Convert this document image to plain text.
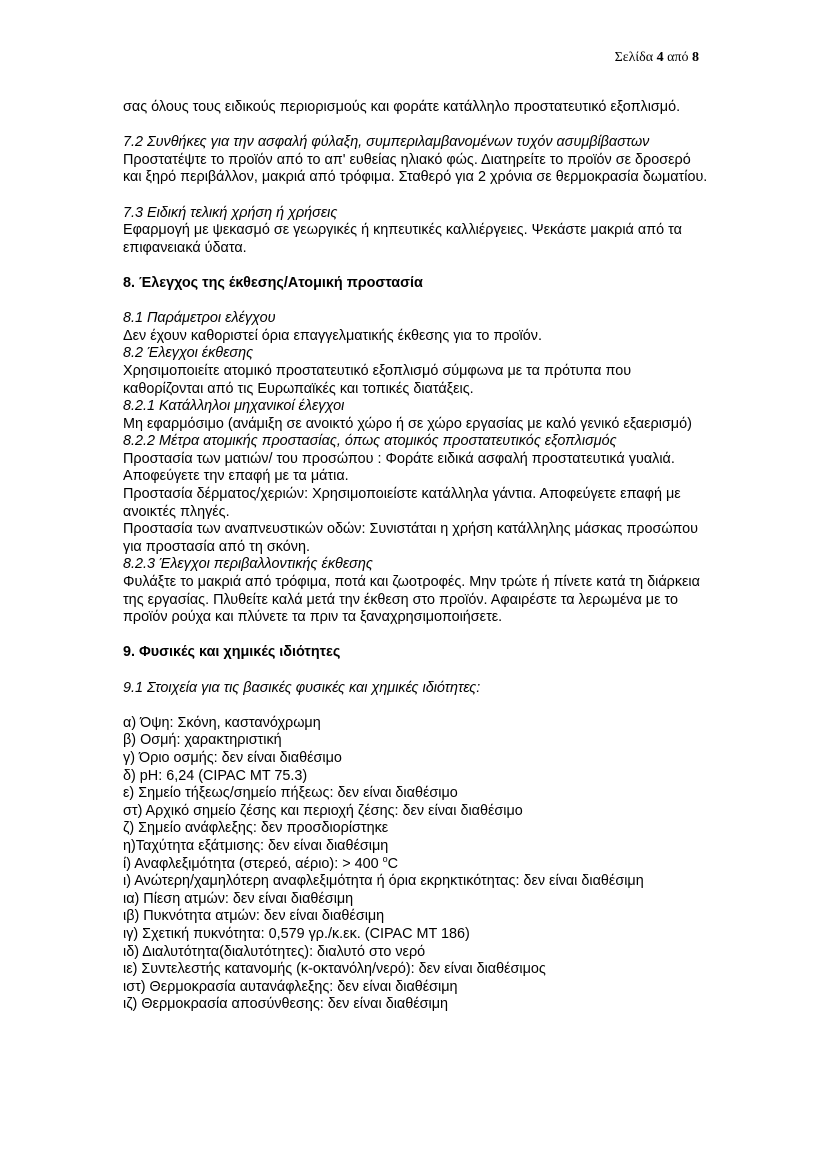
Σελίδα 4 από 8

σας όλους τους ειδικούς περιορισμούς και φοράτε κατάλληλο προστατευτικό εξοπλισμό.

7.2 Συνθήκες για την ασφαλή φύλαξη, συμπεριλαμβανομένων τυχόν ασυμβίβαστων

Προστατέψτε το προϊόν από το απ' ευθείας ηλιακό φώς. Διατηρείτε το προϊόν σε δροσερό και ξηρό περιβάλλον, μακριά από τρόφιμα. Σταθερό για 2 χρόνια σε θερμοκρασία δωματίου.

7.3 Ειδική τελική χρήση ή χρήσεις

Εφαρμογή με ψεκασμό σε γεωργικές ή κηπευτικές καλλιέργειες. Ψεκάστε μακριά από τα επιφανειακά ύδατα.

8. Έλεγχος της έκθεσης/Ατομική προστασία

8.1 Παράμετροι ελέγχου

Δεν έχουν καθοριστεί όρια επαγγελματικής έκθεσης για το προϊόν.

8.2 Έλεγχοι έκθεσης

Χρησιμοποιείτε ατομικό προστατευτικό εξοπλισμό σύμφωνα με τα πρότυπα που καθορίζονται από τις Ευρωπαϊκές και τοπικές διατάξεις.

8.2.1 Κατάλληλοι μηχανικοί έλεγχοι

Μη εφαρμόσιμο (ανάμιξη σε ανοικτό χώρο ή σε χώρο εργασίας με καλό γενικό εξαερισμό)

8.2.2 Μέτρα ατομικής προστασίας, όπως ατομικός προστατευτικός εξοπλισμός

Προστασία των ματιών/ του προσώπου : Φοράτε ειδικά ασφαλή προστατευτικά γυαλιά. Αποφεύγετε την επαφή με τα μάτια.

Προστασία δέρματος/χεριών: Χρησιμοποιείστε κατάλληλα γάντια. Αποφεύγετε επαφή με ανοικτές πληγές.

Προστασία των αναπνευστικών οδών: Συνιστάται η χρήση κατάλληλης μάσκας προσώπου για προστασία από τη σκόνη.

8.2.3 Έλεγχοι περιβαλλοντικής έκθεσης

Φυλάξτε το μακριά από τρόφιμα, ποτά και ζωοτροφές. Μην τρώτε ή πίνετε κατά τη διάρκεια της εργασίας. Πλυθείτε καλά μετά την έκθεση στο προϊόν. Αφαιρέστε τα λερωμένα με το προϊόν ρούχα και πλύνετε τα πριν τα ξαναχρησιμοποιήσετε.

9. Φυσικές και χημικές ιδιότητες

9.1 Στοιχεία για τις βασικές φυσικές και χημικές ιδιότητες:

α) Όψη: Σκόνη, καστανόχρωμη

β) Οσμή: χαρακτηριστική

γ) Όριο οσμής: δεν είναι διαθέσιμο

δ) pH: 6,24 (CIPAC MT 75.3)

ε) Σημείο τήξεως/σημείο πήξεως: δεν είναι διαθέσιμο

στ) Αρχικό σημείο ζέσης και περιοχή ζέσης: δεν είναι διαθέσιμο

ζ) Σημείο ανάφλεξης: δεν προσδιορίστηκε

η)Ταχύτητα εξάτμισης: δεν είναι διαθέσιμη

ί) Αναφλεξιμότητα (στερεό, αέριο): > 400 $^o$C

ι) Ανώτερη/χαμηλότερη αναφλεξιμότητα ή όρια εκρηκτικότητας: δεν είναι διαθέσιμη

ια) Πίεση ατμών: δεν είναι διαθέσιμη

ιβ) Πυκνότητα ατμών: δεν είναι διαθέσιμη

ιγ) Σχετική πυκνότητα: 0,579 γρ./κ.εκ. (CIPAC MT 186)

ιδ) Διαλυτότητα(διαλυτότητες): διαλυτό στο νερό

ιε) Συντελεστής κατανομής (κ-οκτανόλη/νερό): δεν είναι διαθέσιμος

ιστ) Θερμοκρασία αυτανάφλεξης: δεν είναι διαθέσιμη

ιζ) Θερμοκρασία αποσύνθεσης: δεν είναι διαθέσιμη
